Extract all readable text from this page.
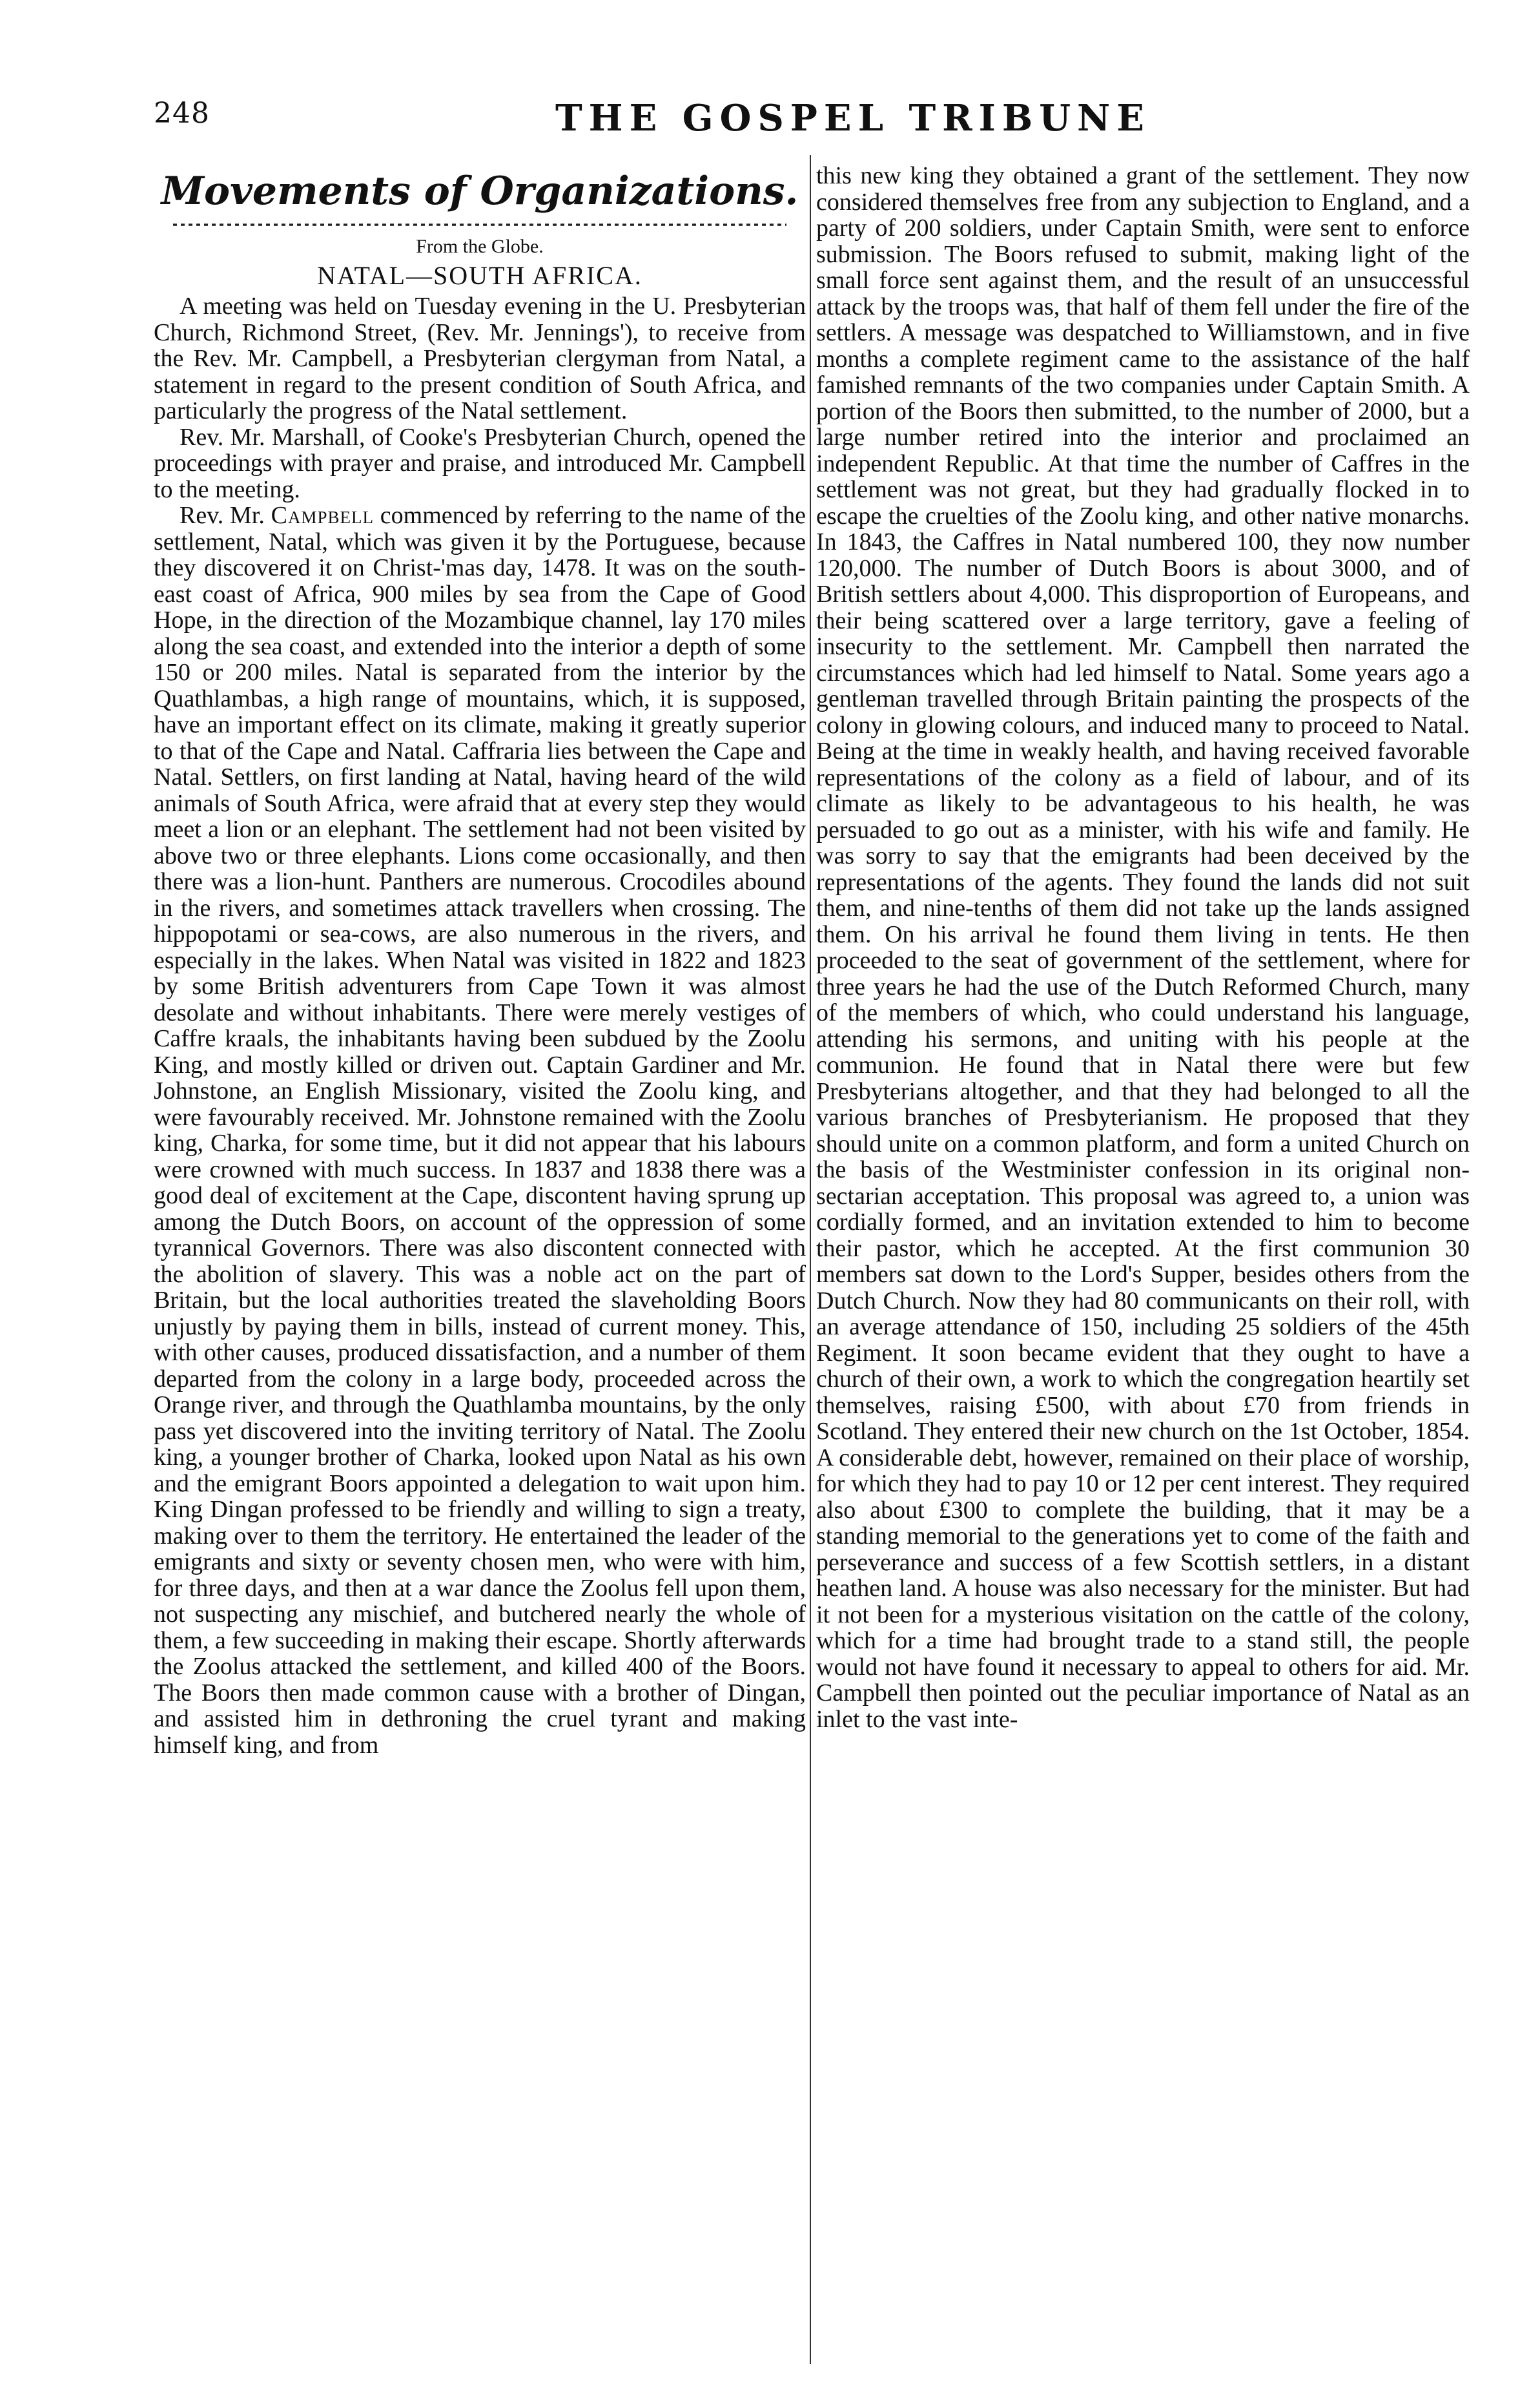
248	THE GOSPEL TRIBUNE
Movements of Organizations.
From the Globe.
NATAL—SOUTH AFRICA.

A meeting was held on Tuesday evening in the U. Presbyterian Church, Richmond Street, (Rev. Mr. Jennings'), to receive from the Rev. Mr. Campbell, a Presbyterian clergyman from Natal, a statement in regard to the present condition of South Africa, and particularly the progress of the Natal settlement.

Rev. Mr. Marshall, of Cooke's Presbyterian Church, opened the proceedings with prayer and praise, and introduced Mr. Campbell to the meeting.

Rev. Mr. Campbell commenced by referring to the name of the settlement, Natal, which was given it by the Portuguese, because they discovered it on Christ-'mas day, 1478. It was on the south-east coast of Africa, 900 miles by sea from the Cape of Good Hope, in the direction of the Mozambique channel, lay 170 miles along the sea coast, and extended into the interior a depth of some 150 or 200 miles. Natal is separated from the interior by the Quathlambas, a high range of mountains, which, it is supposed, have an important effect on its climate, making it greatly superior to that of the Cape and Natal. Caffraria lies between the Cape and Natal. Settlers, on first landing at Natal, having heard of the wild animals of South Africa, were afraid that at every step they would meet a lion or an elephant. The settlement had not been visited by above two or three elephants. Lions come occasionally, and then there was a lion-hunt. Panthers are numerous. Crocodiles abound in the rivers, and sometimes attack travellers when crossing. The hippopotami or sea-cows, are also numerous in the rivers, and especially in the lakes. When Natal was visited in 1822 and 1823 by some British adventurers from Cape Town it was almost desolate and without inhabitants. There were merely vestiges of Caffre kraals, the inhabitants having been subdued by the Zoolu King, and mostly killed or driven out. Captain Gardiner and Mr. Johnstone, an English Missionary, visited the Zoolu king, and were favourably received. Mr. Johnstone remained with the Zoolu king, Charka, for some time, but it did not appear that his labours were crowned with much success. In 1837 and 1838 there was a good deal of excitement at the Cape, discontent having sprung up among the Dutch Boors, on account of the oppression of some tyrannical Governors. There was also discontent connected with the abolition of slavery. This was a noble act on the part of Britain, but the local authorities treated the slaveholding Boors unjustly by paying them in bills, instead of current money. This, with other causes, produced dissatisfaction, and a number of them departed from the colony in a large body, proceeded across the Orange river, and through the Quathlamba mountains, by the only pass yet discovered into the inviting territory of Natal. The Zoolu king, a younger brother of Charka, looked upon Natal as his own and the emigrant Boors appointed a delegation to wait upon him. King Dingan professed to be friendly and willing to sign a treaty, making over to them the territory. He entertained the leader of the emigrants and sixty or seventy chosen men, who were with him, for three days, and then at a war dance the Zoolus fell upon them, not suspecting any mischief, and butchered nearly the whole of them, a few succeeding in making their escape. Shortly afterwards the Zoolus attacked the settlement, and killed 400 of the Boors. The Boors then made common cause with a brother of Dingan, and assisted him in dethroning the cruel tyrant and making himself king, and from

this new king they obtained a grant of the settlement. They now considered themselves free from any subjection to England, and a party of 200 soldiers, under Captain Smith, were sent to enforce submission. The Boors refused to submit, making light of the small force sent against them, and the result of an unsuccessful attack by the troops was, that half of them fell under the fire of the settlers. A message was despatched to Williamstown, and in five months a complete regiment came to the assistance of the half famished remnants of the two companies under Captain Smith. A portion of the Boors then submitted, to the number of 2000, but a large number retired into the interior and proclaimed an independent Republic. At that time the number of Caffres in the settlement was not great, but they had gradually flocked in to escape the cruelties of the Zoolu king, and other native monarchs. In 1843, the Caffres in Natal numbered 100, they now number 120,000. The number of Dutch Boors is about 3000, and of British settlers about 4,000. This disproportion of Europeans, and their being scattered over a large territory, gave a feeling of insecurity to the settlement. Mr. Campbell then narrated the circumstances which had led himself to Natal. Some years ago a gentleman travelled through Britain painting the prospects of the colony in glowing colours, and induced many to proceed to Natal. Being at the time in weakly health, and having received favorable representations of the colony as a field of labour, and of its climate as likely to be advantageous to his health, he was persuaded to go out as a minister, with his wife and family. He was sorry to say that the emigrants had been deceived by the representations of the agents. They found the lands did not suit them, and nine-tenths of them did not take up the lands assigned them. On his arrival he found them living in tents. He then proceeded to the seat of government of the settlement, where for three years he had the use of the Dutch Reformed Church, many of the members of which, who could understand his language, attending his sermons, and uniting with his people at the communion. He found that in Natal there were but few Presbyterians altogether, and that they had belonged to all the various branches of Presbyterianism. He proposed that they should unite on a common platform, and form a united Church on the basis of the Westminister confession in its original non-sectarian acceptation. This proposal was agreed to, a union was cordially formed, and an invitation extended to him to become their pastor, which he accepted. At the first communion 30 members sat down to the Lord's Supper, besides others from the Dutch Church. Now they had 80 communicants on their roll, with an average attendance of 150, including 25 soldiers of the 45th Regiment. It soon became evident that they ought to have a church of their own, a work to which the congregation heartily set themselves, raising £500, with about £70 from friends in Scotland. They entered their new church on the 1st October, 1854. A considerable debt, however, remained on their place of worship, for which they had to pay 10 or 12 per cent interest. They required also about £300 to complete the building, that it may be a standing memorial to the generations yet to come of the faith and perseverance and success of a few Scottish settlers, in a distant heathen land. A house was also necessary for the minister. But had it not been for a mysterious visitation on the cattle of the colony, which for a time had brought trade to a stand still, the people would not have found it necessary to appeal to others for aid. Mr. Campbell then pointed out the peculiar importance of Natal as an inlet to the vast inte-
